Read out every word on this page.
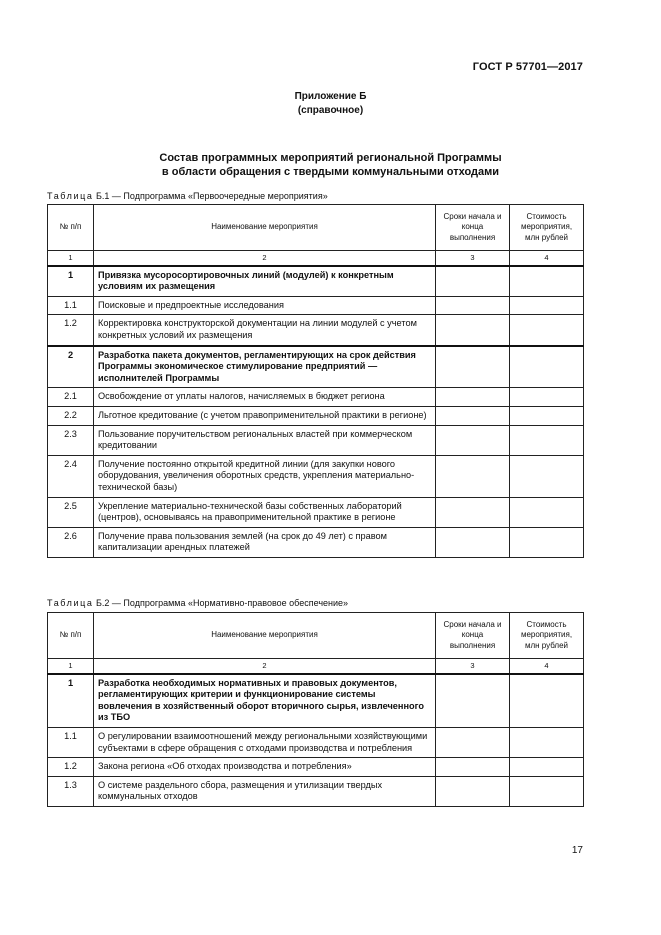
ГОСТ Р 57701—2017
Приложение Б
(справочное)
Состав программных мероприятий региональной Программы
в области обращения с твердыми коммунальными отходами
Таблица Б.1 — Подпрограмма «Первоочередные мероприятия»
№ п/п	Наименование мероприятия	Сроки начала и конца выполнения	Стоимость мероприятия, млн рублей
1	2	3	4
1	Привязка мусоросортировочных линий (модулей) к конкретным условиям их размещения		
1.1	Поисковые и предпроектные исследования		
1.2	Корректировка конструкторской документации на линии модулей с учетом конкретных условий их размещения		
2	Разработка пакета документов, регламентирующих на срок действия Программы экономическое стимулирование предприятий — исполнителей Программы		
2.1	Освобождение от уплаты налогов, начисляемых в бюджет региона		
2.2	Льготное кредитование (с учетом правоприменительной практики в регионе)		
2.3	Пользование поручительством региональных властей при коммерческом кредитовании		
2.4	Получение постоянно открытой кредитной линии (для закупки нового оборудования, увеличения оборотных средств, укрепления материально-технической базы)		
2.5	Укрепление материально-технической базы собственных лабораторий (центров), основываясь на правоприменительной практике в регионе		
2.6	Получение права пользования землей (на срок до 49 лет) с правом капитализации арендных платежей		
Таблица Б.2 — Подпрограмма «Нормативно-правовое обеспечение»
№ п/п	Наименование мероприятия	Сроки начала и конца выполнения	Стоимость мероприятия, млн рублей
1	2	3	4
1	Разработка необходимых нормативных и правовых документов, регламентирующих критерии и функционирование системы вовлечения в хозяйственный оборот вторичного сырья, извлеченного из ТБО		
1.1	О регулировании взаимоотношений между региональными хозяйствующими субъектами в сфере обращения с отходами производства и потребления		
1.2	Закона региона «Об отходах производства и потребления»		
1.3	О системе раздельного сбора, размещения и утилизации твердых коммунальных отходов		
17
